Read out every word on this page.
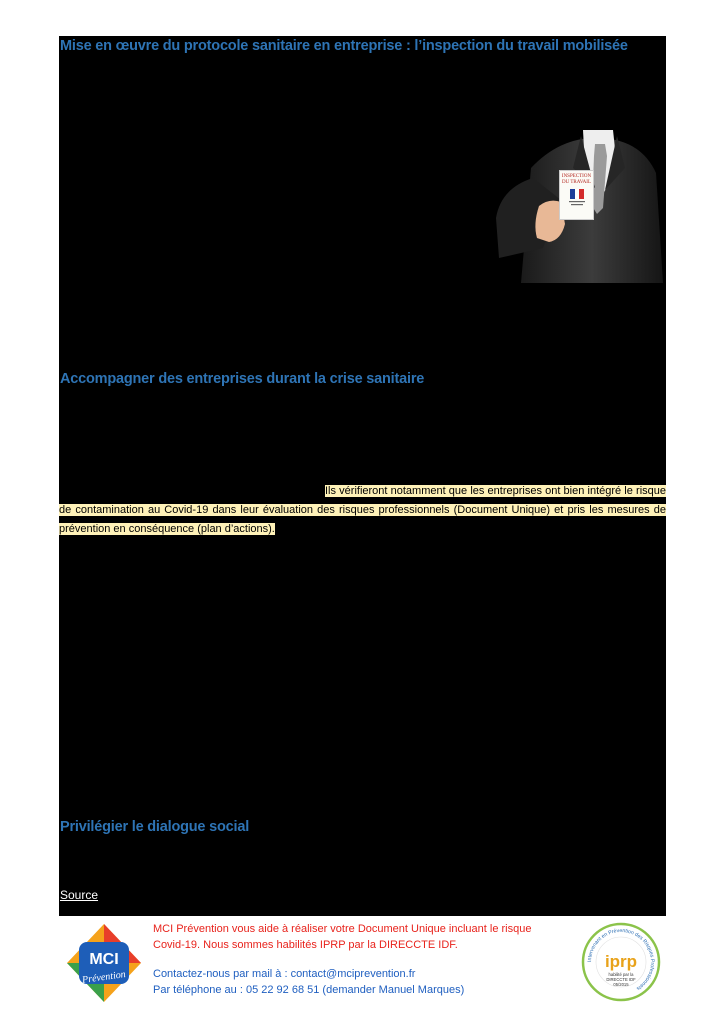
Mise en œuvre du protocole sanitaire en entreprise : l’inspection du travail mobilisée
INSPECTION
DU TRAVAIL
Accompagner des entreprises durant la crise sanitaire

Ils vérifieront notamment que les entreprises ont bien intégré le risque de contamination au Covid-19 dans leur évaluation des risques professionnels (Document Unique) et pris les mesures de prévention en conséquence (plan d’actions).

Privilégier le dialogue social
Source
MCI
Prévention
MCI Prévention vous aide à réaliser votre Document Unique incluant le risque
Covid-19. Nous sommes habilités IPRP par la DIRECCTE IDF.
Contactez-nous par mail à : contact@mciprevention.fr
Par téléphone au : 05 22 92 68 51 (demander Manuel Marques)
Intervenant en Prévention des Risques Professionnels
iprp
habilité par la
DIRECCTE IDF
05/2015
